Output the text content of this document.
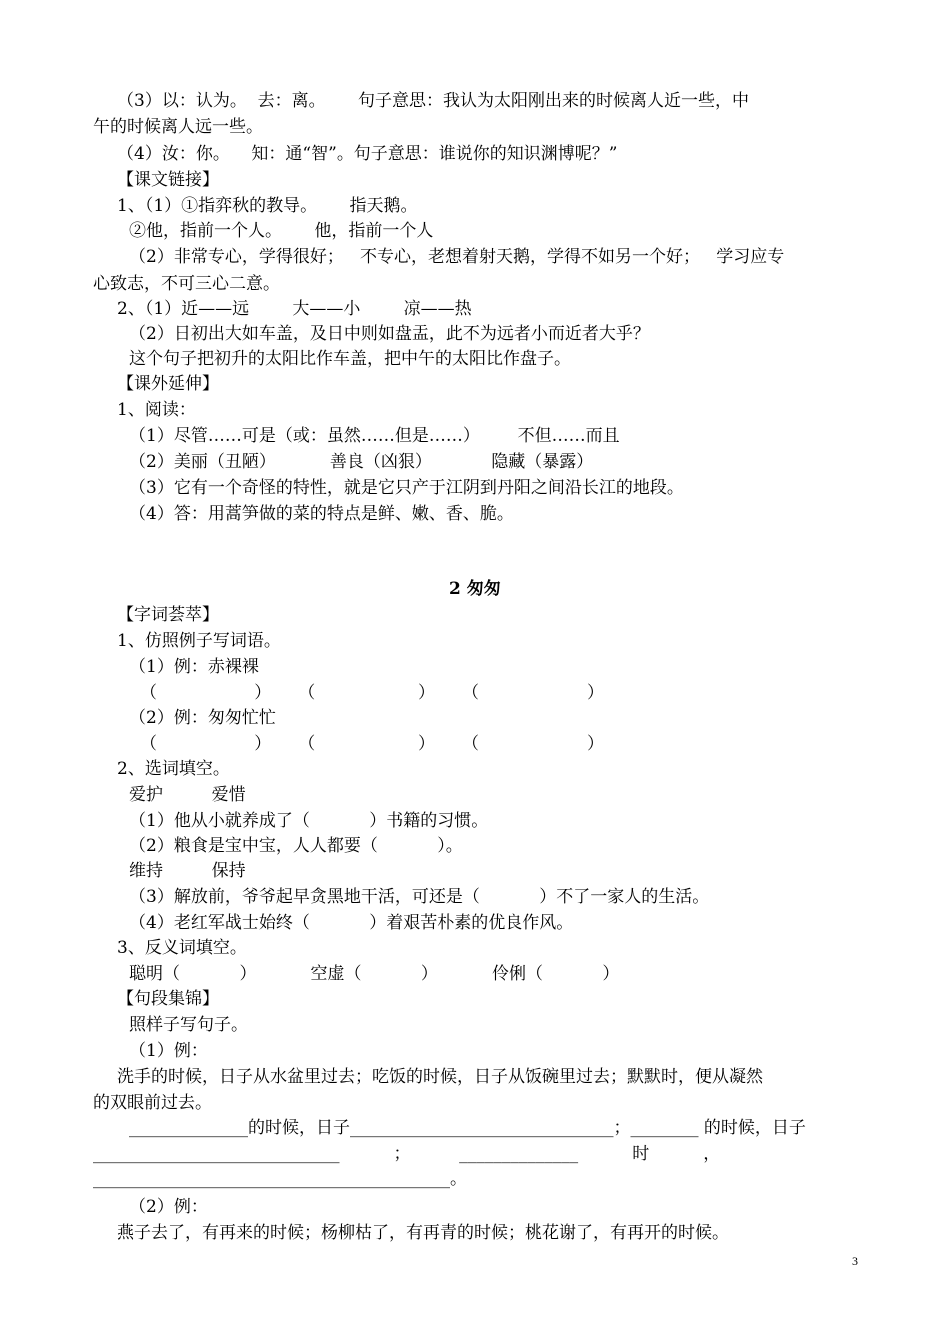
（3）以：认为。  去：离。      句子意思：我认为太阳刚出来的时候离人近一些，中
午的时候离人远一些。
（4）汝：你。    知：通“智”。句子意思：谁说你的知识渊博呢？”
【课文链接】
1、（1）①指弈秋的教导。      指天鹅。
②他，指前一个人。      他，指前一个人
（2）非常专心，学得很好；   不专心，老想着射天鹅，学得不如另一个好；   学习应专
心致志，不可三心二意。
2、（1）近——远        大——小        凉——热
（2）日初出大如车盖，及日中则如盘盂，此不为远者小而近者大乎？
这个句子把初升的太阳比作车盖，把中午的太阳比作盘子。
【课外延伸】
1、阅读：
（1）尽管……可是（或：虽然……但是……）       不但……而且
（2）美丽（丑陋）          善良（凶狠）           隐藏（暴露）
（3）它有一个奇怪的特性，就是它只产于江阴到丹阳之间沿长江的地段。
（4）答：用蒿笋做的菜的特点是鲜、嫩、香、脆。
2 匆匆
【字词荟萃】
1、仿照例子写词语。
（1）例：赤裸裸
（                  ）     （                   ）     （                    ）
（2）例：匆匆忙忙
（                  ）     （                   ）     （                    ）
2、选词填空。
爱护         爱惜
（1）他从小就养成了（           ）书籍的习惯。
（2）粮食是宝中宝，人人都要（           ）。
维持         保持
（3）解放前，爷爷起早贪黑地干活，可还是（           ）不了一家人的生活。
（4）老红军战士始终（           ）着艰苦朴素的优良作风。
3、反义词填空。
聪明（           ）          空虚（           ）          伶俐（           ）
【句段集锦】
照样子写句子。
（1）例：
洗手的时候，日子从水盆里过去；吃饭的时候，日子从饭碗里过去；默默时，便从凝然
的双眼前过去。
______________的时候，日子_______________________________；________ 的时候，日子
_____________________________          ；         ______________          时          ，
__________________________________________。
（2）例：
燕子去了，有再来的时候；杨柳枯了，有再青的时候；桃花谢了，有再开的时候。
3
